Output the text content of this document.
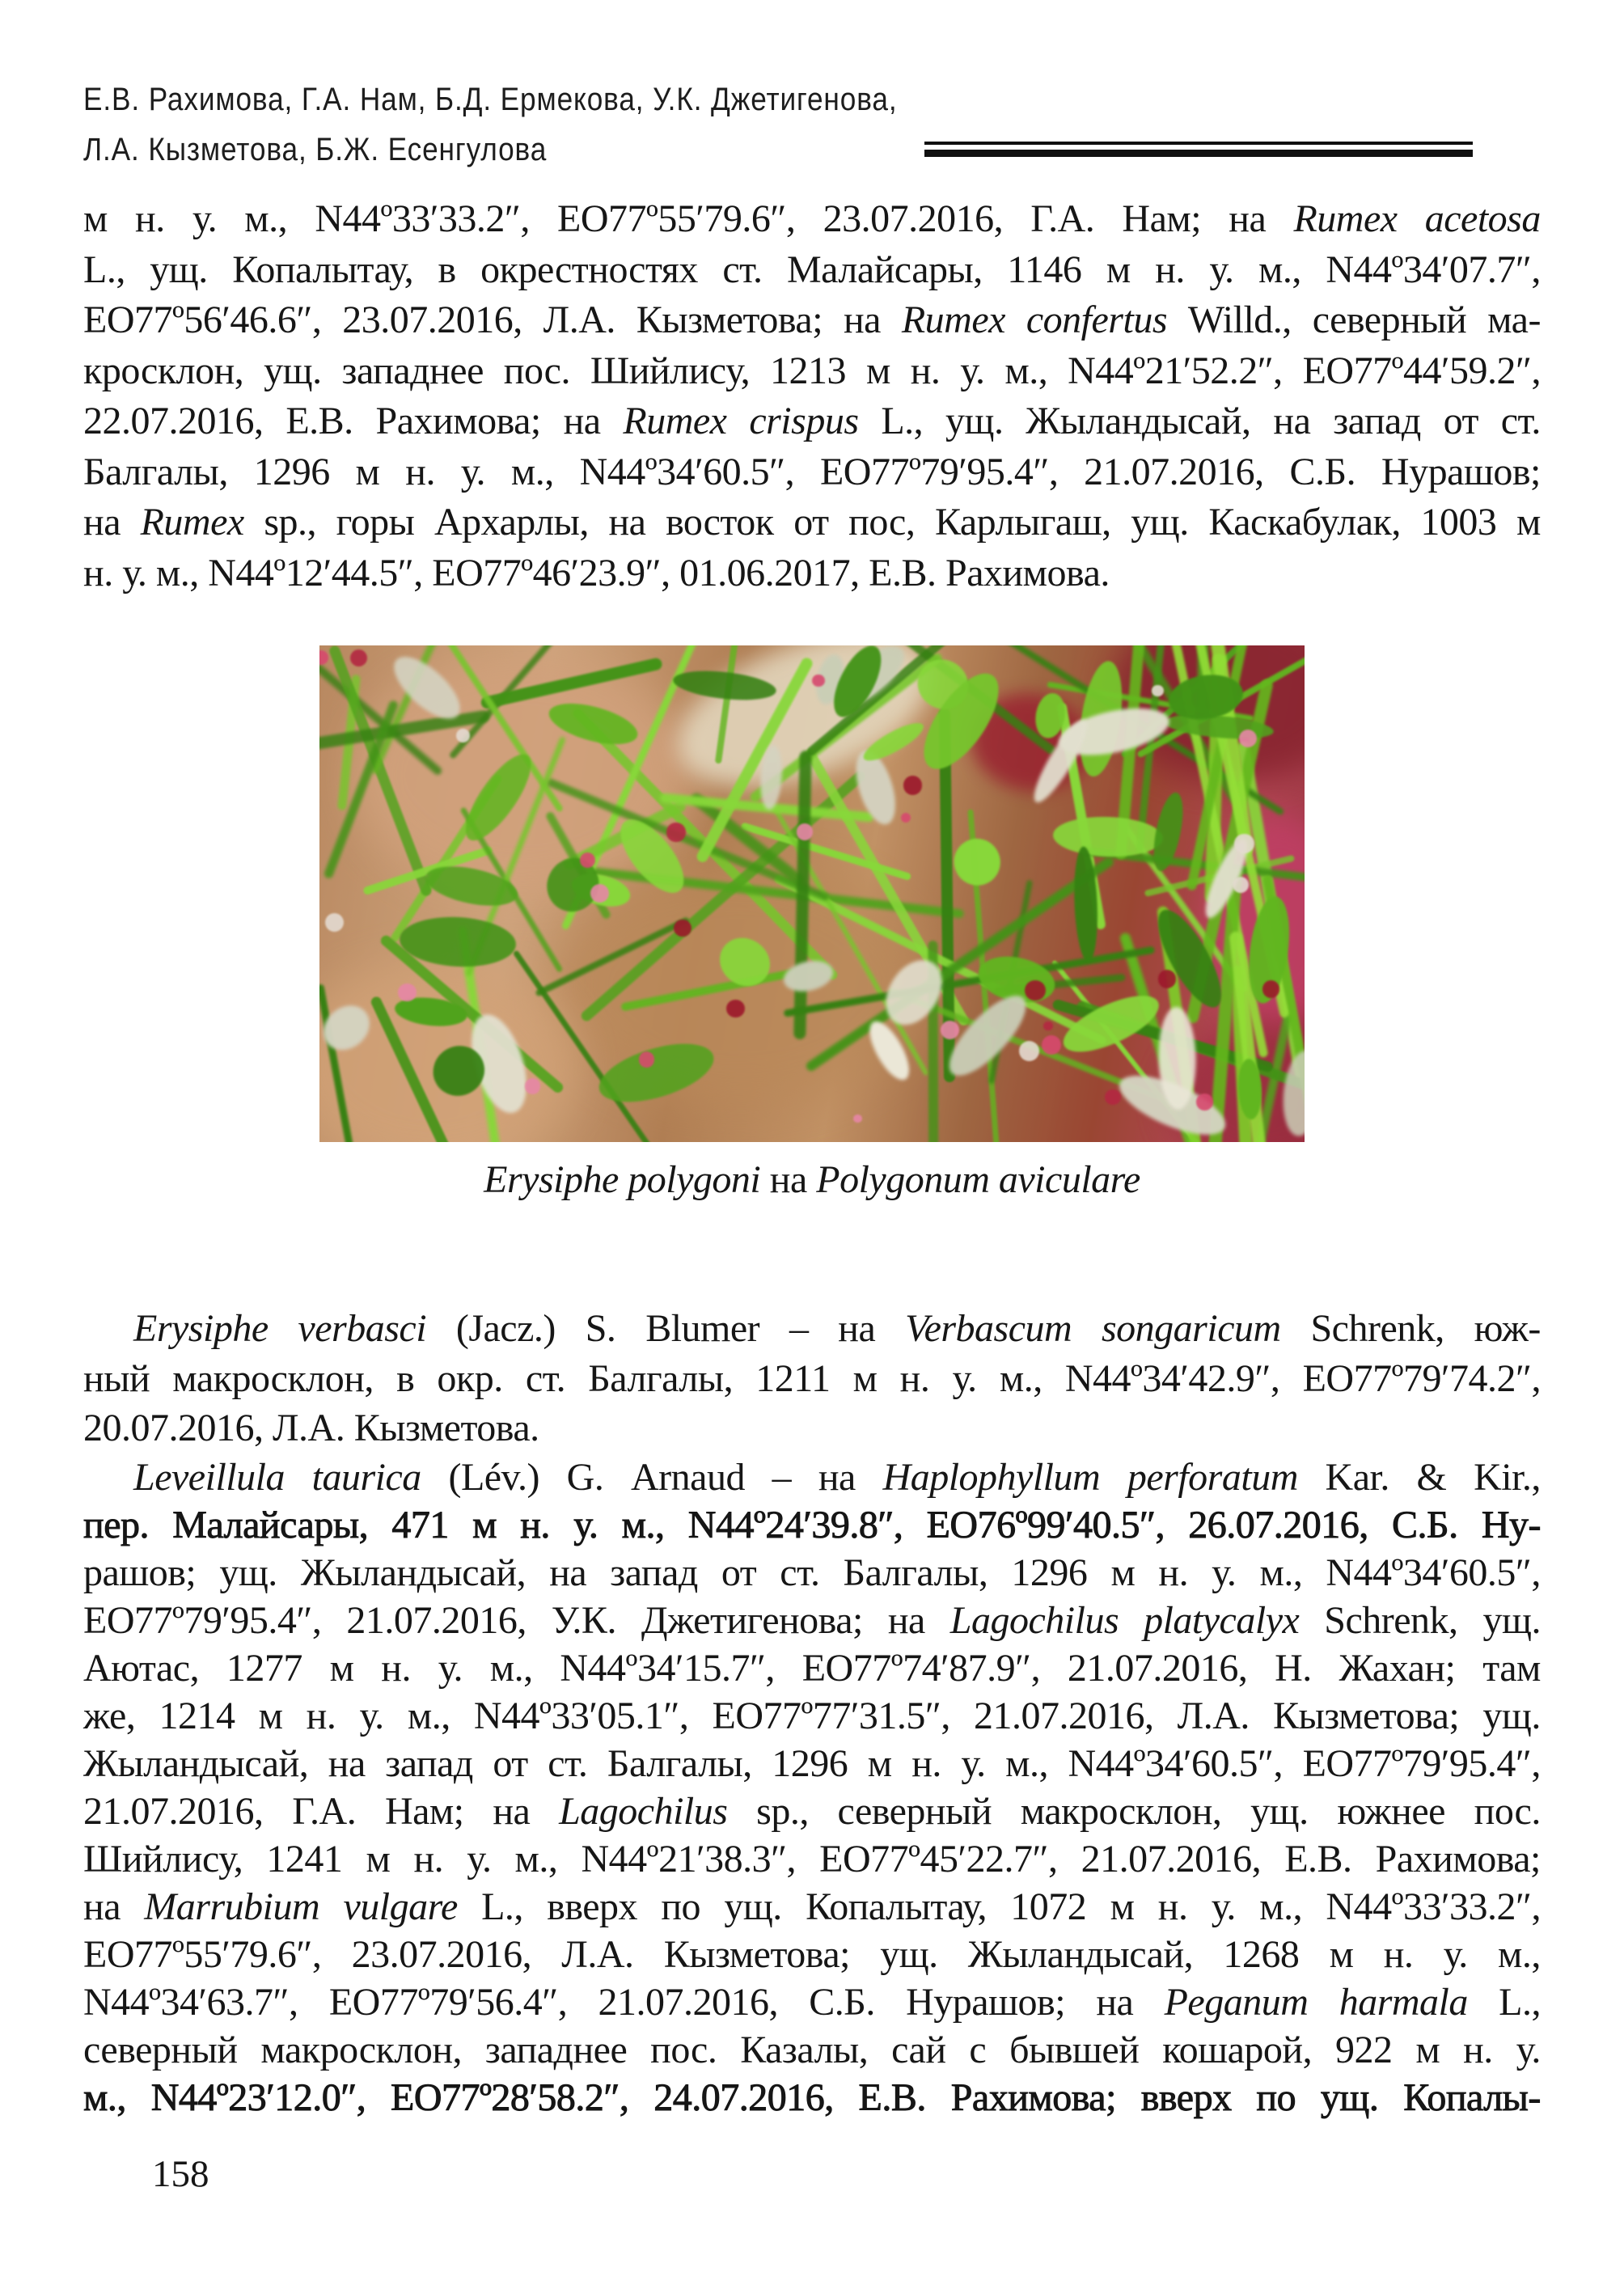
Е.В. Рахимова, Г.А. Нам, Б.Д. Ермекова, У.К. Джетигенова,
Л.А. Кызметова, Б.Ж. Есенгулова
м н. у. м., N44º33′33.2″, ЕО77º55′79.6″, 23.07.2016, Г.А. Нам; на Rumex acetosa
L., ущ. Копалытау, в окрестностях ст. Малайсары, 1146 м н. у. м., N44º34′07.7″,
ЕО77º56′46.6″, 23.07.2016, Л.А. Кызметова; на Rumex confertus Willd., северный ма-
кросклон, ущ. западнее пос. Шийлису, 1213 м н. у. м., N44º21′52.2″, ЕО77º44′59.2″,
22.07.2016, Е.В. Рахимова; на Rumex crispus L., ущ. Жыландысай, на запад от ст.
Балгалы, 1296 м н. у. м., N44º34′60.5″, ЕО77º79′95.4″, 21.07.2016, С.Б. Нурашов;
на Rumex sp., горы Архарлы, на восток от пос, Карлыгаш, ущ. Каскабулак, 1003 м
н. у. м., N44º12′44.5″, ЕО77º46′23.9″, 01.06.2017, Е.В. Рахимова.
Erysiphe polygoni на Polygonum aviculare
Erysiphe verbasci (Jacz.) S. Blumer – на Verbascum songaricum Schrenk, юж-
ный макросклон, в окр. ст. Балгалы, 1211 м н. у. м., N44º34′42.9″, ЕО77º79′74.2″,
20.07.2016, Л.А. Кызметова.
Leveillula taurica (Lév.) G. Arnaud – на Haplophyllum perforatum Kar. & Kir.,
пер. Малайсары, 471 м н. у. м., N44º24′39.8″, ЕО76º99′40.5″, 26.07.2016, С.Б. Ну-
рашов; ущ. Жыландысай, на запад от ст. Балгалы, 1296 м н. у. м., N44º34′60.5″,
ЕО77º79′95.4″, 21.07.2016, У.К. Джетигенова; на Lagochilus platycalyx Schrenk, ущ.
Аютас, 1277 м н. у. м., N44º34′15.7″, ЕО77º74′87.9″, 21.07.2016, Н. Жахан; там
же, 1214 м н. у. м., N44º33′05.1″, ЕО77º77′31.5″, 21.07.2016, Л.А. Кызметова; ущ.
Жыландысай, на запад от ст. Балгалы, 1296 м н. у. м., N44º34′60.5″, ЕО77º79′95.4″,
21.07.2016, Г.А. Нам; на Lagochilus sp., северный макросклон, ущ. южнее пос.
Шийлису, 1241 м н. у. м., N44º21′38.3″, ЕО77º45′22.7″, 21.07.2016, Е.В. Рахимова;
на Marrubium vulgare L., вверх по ущ. Копалытау, 1072 м н. у. м., N44º33′33.2″,
ЕО77º55′79.6″, 23.07.2016, Л.А. Кызметова; ущ. Жыландысай, 1268 м н. у. м.,
N44º34′63.7″, ЕО77º79′56.4″, 21.07.2016, С.Б. Нурашов; на Peganum harmala L.,
северный макросклон, западнее пос. Казалы, сай с бывшей кошарой, 922 м н. у.
м., N44º23′12.0″, ЕО77º28′58.2″, 24.07.2016, Е.В. Рахимова; вверх по ущ. Копалы-
158
